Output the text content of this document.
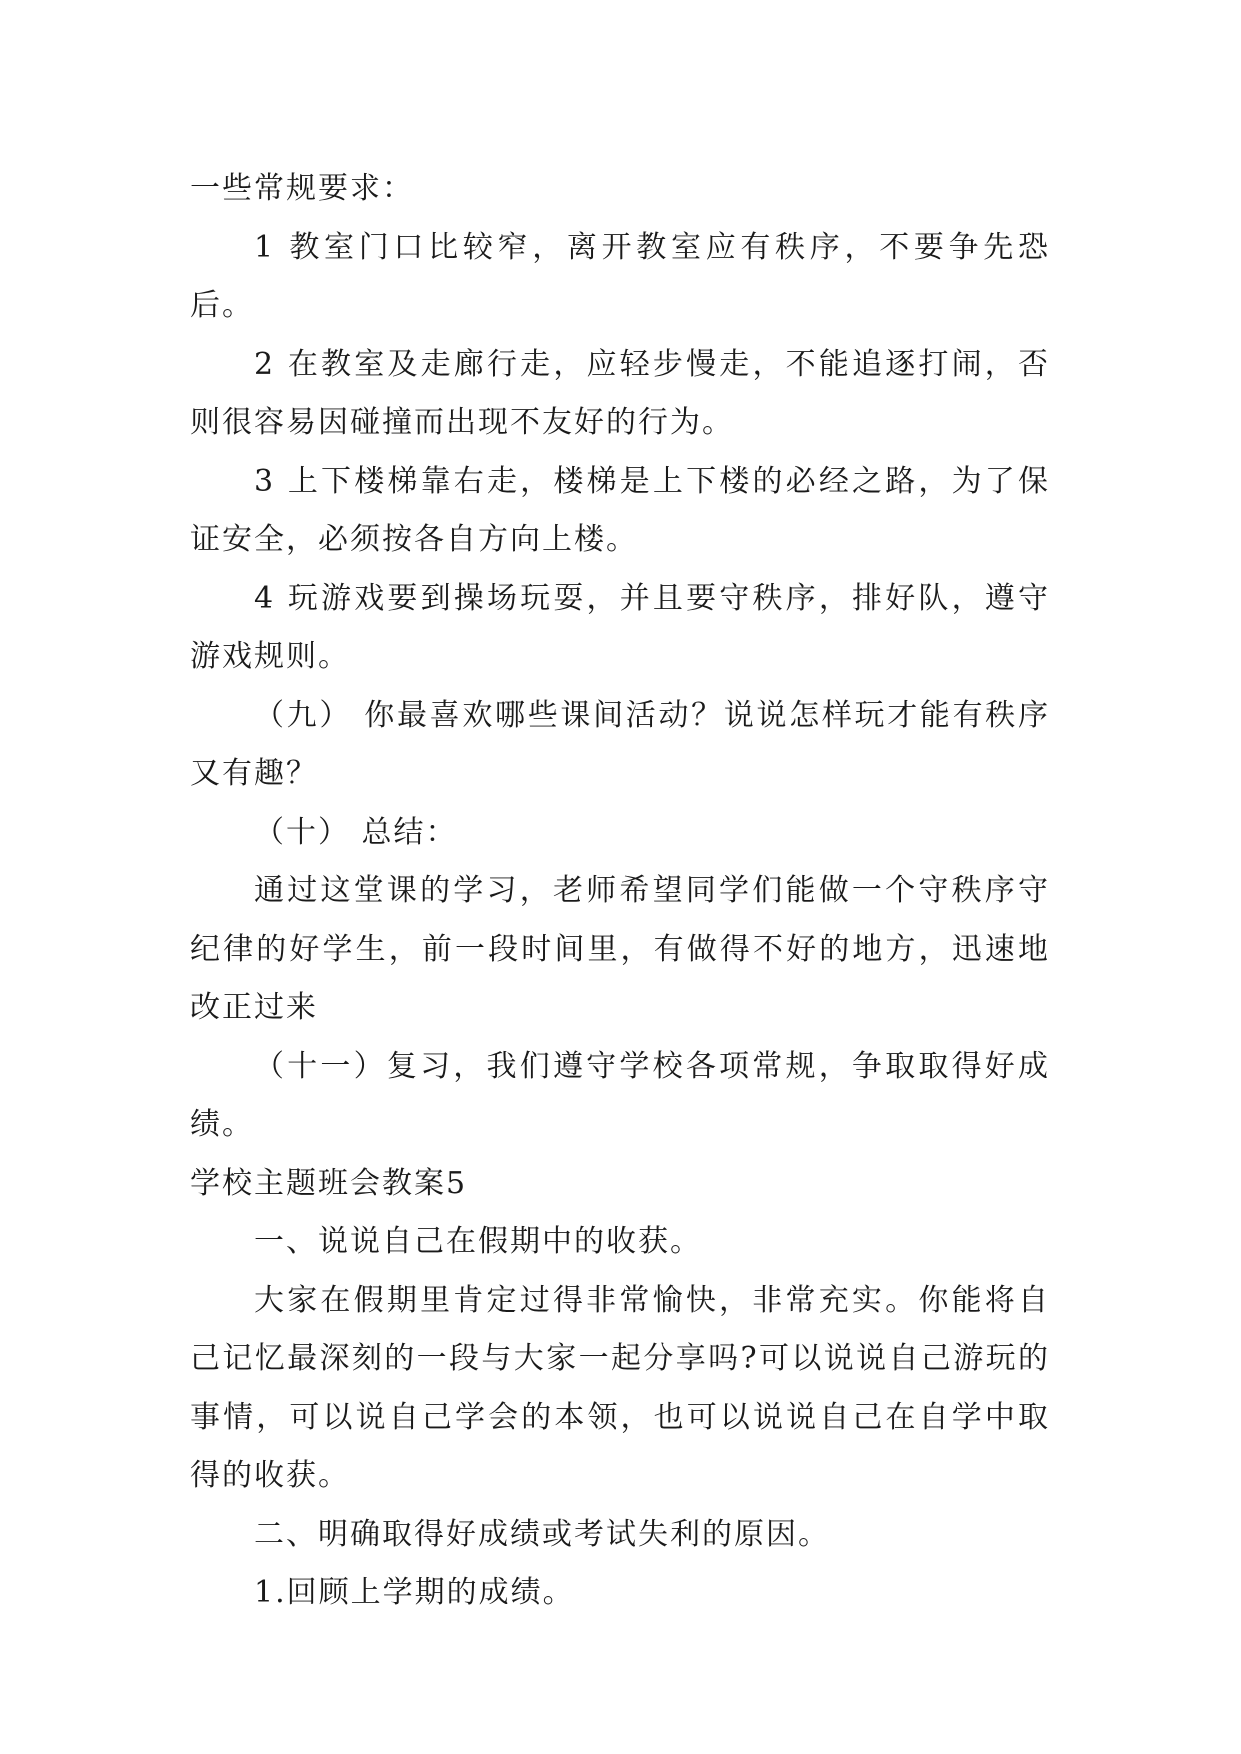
一些常规要求：

1 教室门口比较窄，离开教室应有秩序，不要争先恐后。

2 在教室及走廊行走，应轻步慢走，不能追逐打闹，否则很容易因碰撞而出现不友好的行为。

3 上下楼梯靠右走，楼梯是上下楼的必经之路，为了保证安全，必须按各自方向上楼。

4 玩游戏要到操场玩耍，并且要守秩序，排好队，遵守游戏规则。

（九） 你最喜欢哪些课间活动？说说怎样玩才能有秩序又有趣？

（十） 总结：

通过这堂课的学习，老师希望同学们能做一个守秩序守纪律的好学生，前一段时间里，有做得不好的地方，迅速地改正过来

（十一）复习，我们遵守学校各项常规，争取取得好成绩。

学校主题班会教案5

一、说说自己在假期中的收获。

大家在假期里肯定过得非常愉快，非常充实。你能将自己记忆最深刻的一段与大家一起分享吗?可以说说自己游玩的事情，可以说自己学会的本领，也可以说说自己在自学中取得的收获。

二、明确取得好成绩或考试失利的原因。

1.回顾上学期的成绩。
